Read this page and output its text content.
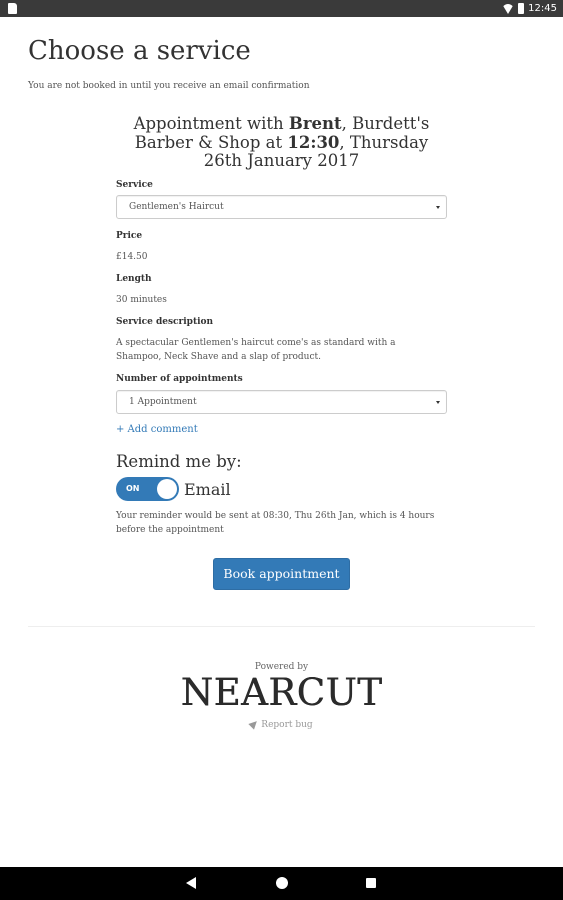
12:45
Choose a service
You are not booked in until you receive an email confirmation
Appointment with Brent, Burdett's Barber & Shop at 12:30, Thursday 26th January 2017
Service
Gentlemen's Haircut
Price
£14.50
Length
30 minutes
Service description
A spectacular Gentlemen's haircut come's as standard with a Shampoo, Neck Shave and a slap of product.
Number of appointments
1 Appointment
+ Add comment
Remind me by:
ON	Email
Your reminder would be sent at 08:30, Thu 26th Jan, which is 4 hours before the appointment
Book appointment
Powered by
NEARCUT
Report bug
